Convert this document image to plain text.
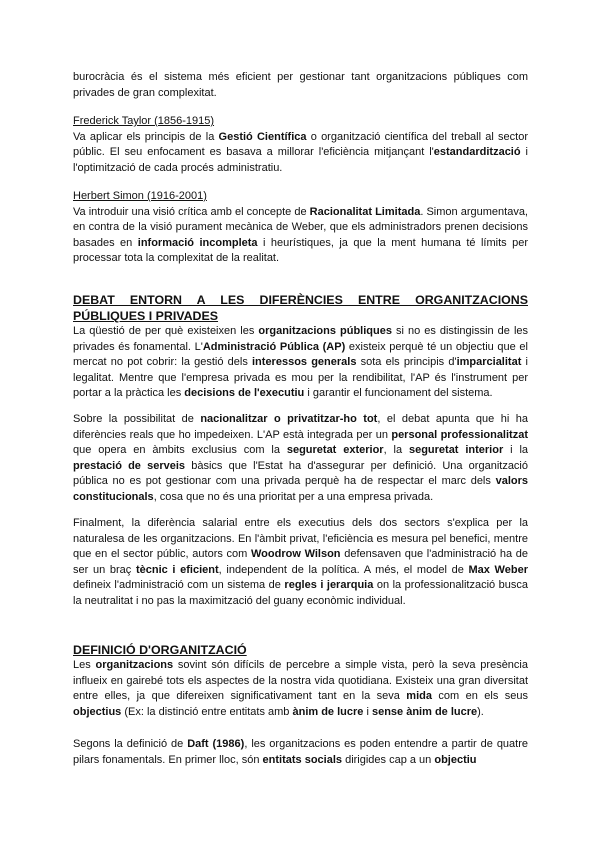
burocràcia és el sistema més eficient per gestionar tant organitzacions públiques com privades de gran complexitat.

Frederick Taylor (1856-1915)

Va aplicar els principis de la Gestió Científica o organització científica del treball al sector públic. El seu enfocament es basava a millorar l'eficiència mitjançant l'estandardització i l'optimització de cada procés administratiu.

Herbert Simon (1916-2001)

Va introduir una visió crítica amb el concepte de Racionalitat Limitada. Simon argumentava, en contra de la visió purament mecànica de Weber, que els administradors prenen decisions basades en informació incompleta i heurístiques, ja que la ment humana té límits per processar tota la complexitat de la realitat.

DEBAT ENTORN A LES DIFERÈNCIES ENTRE ORGANITZACIONS PÚBLIQUES I PRIVADES

La qüestió de per què existeixen les organitzacions públiques si no es distingissin de les privades és fonamental. L'Administració Pública (AP) existeix perquè té un objectiu que el mercat no pot cobrir: la gestió dels interessos generals sota els principis d'imparcialitat i legalitat. Mentre que l'empresa privada es mou per la rendibilitat, l'AP és l'instrument per portar a la pràctica les decisions de l'executiu i garantir el funcionament del sistema.

Sobre la possibilitat de nacionalitzar o privatitzar-ho tot, el debat apunta que hi ha diferències reals que ho impedeixen. L'AP està integrada per un personal professionalitzat que opera en àmbits exclusius com la seguretat exterior, la seguretat interior i la prestació de serveis bàsics que l'Estat ha d'assegurar per definició. Una organització pública no es pot gestionar com una privada perquè ha de respectar el marc dels valors constitucionals, cosa que no és una prioritat per a una empresa privada.

Finalment, la diferència salarial entre els executius dels dos sectors s'explica per la naturalesa de les organitzacions. En l'àmbit privat, l'eficiència es mesura pel benefici, mentre que en el sector públic, autors com Woodrow Wilson defensaven que l'administració ha de ser un braç tècnic i eficient, independent de la política. A més, el model de Max Weber defineix l'administració com un sistema de regles i jerarquia on la professionalització busca la neutralitat i no pas la maximització del guany econòmic individual.

DEFINICIÓ D'ORGANITZACIÓ

Les organitzacions sovint són difícils de percebre a simple vista, però la seva presència influeix en gairebé tots els aspectes de la nostra vida quotidiana. Existeix una gran diversitat entre elles, ja que difereixen significativament tant en la seva mida com en els seus objectius (Ex: la distinció entre entitats amb ànim de lucre i sense ànim de lucre).

Segons la definició de Daft (1986), les organitzacions es poden entendre a partir de quatre pilars fonamentals. En primer lloc, són entitats socials dirigides cap a un objectiu
